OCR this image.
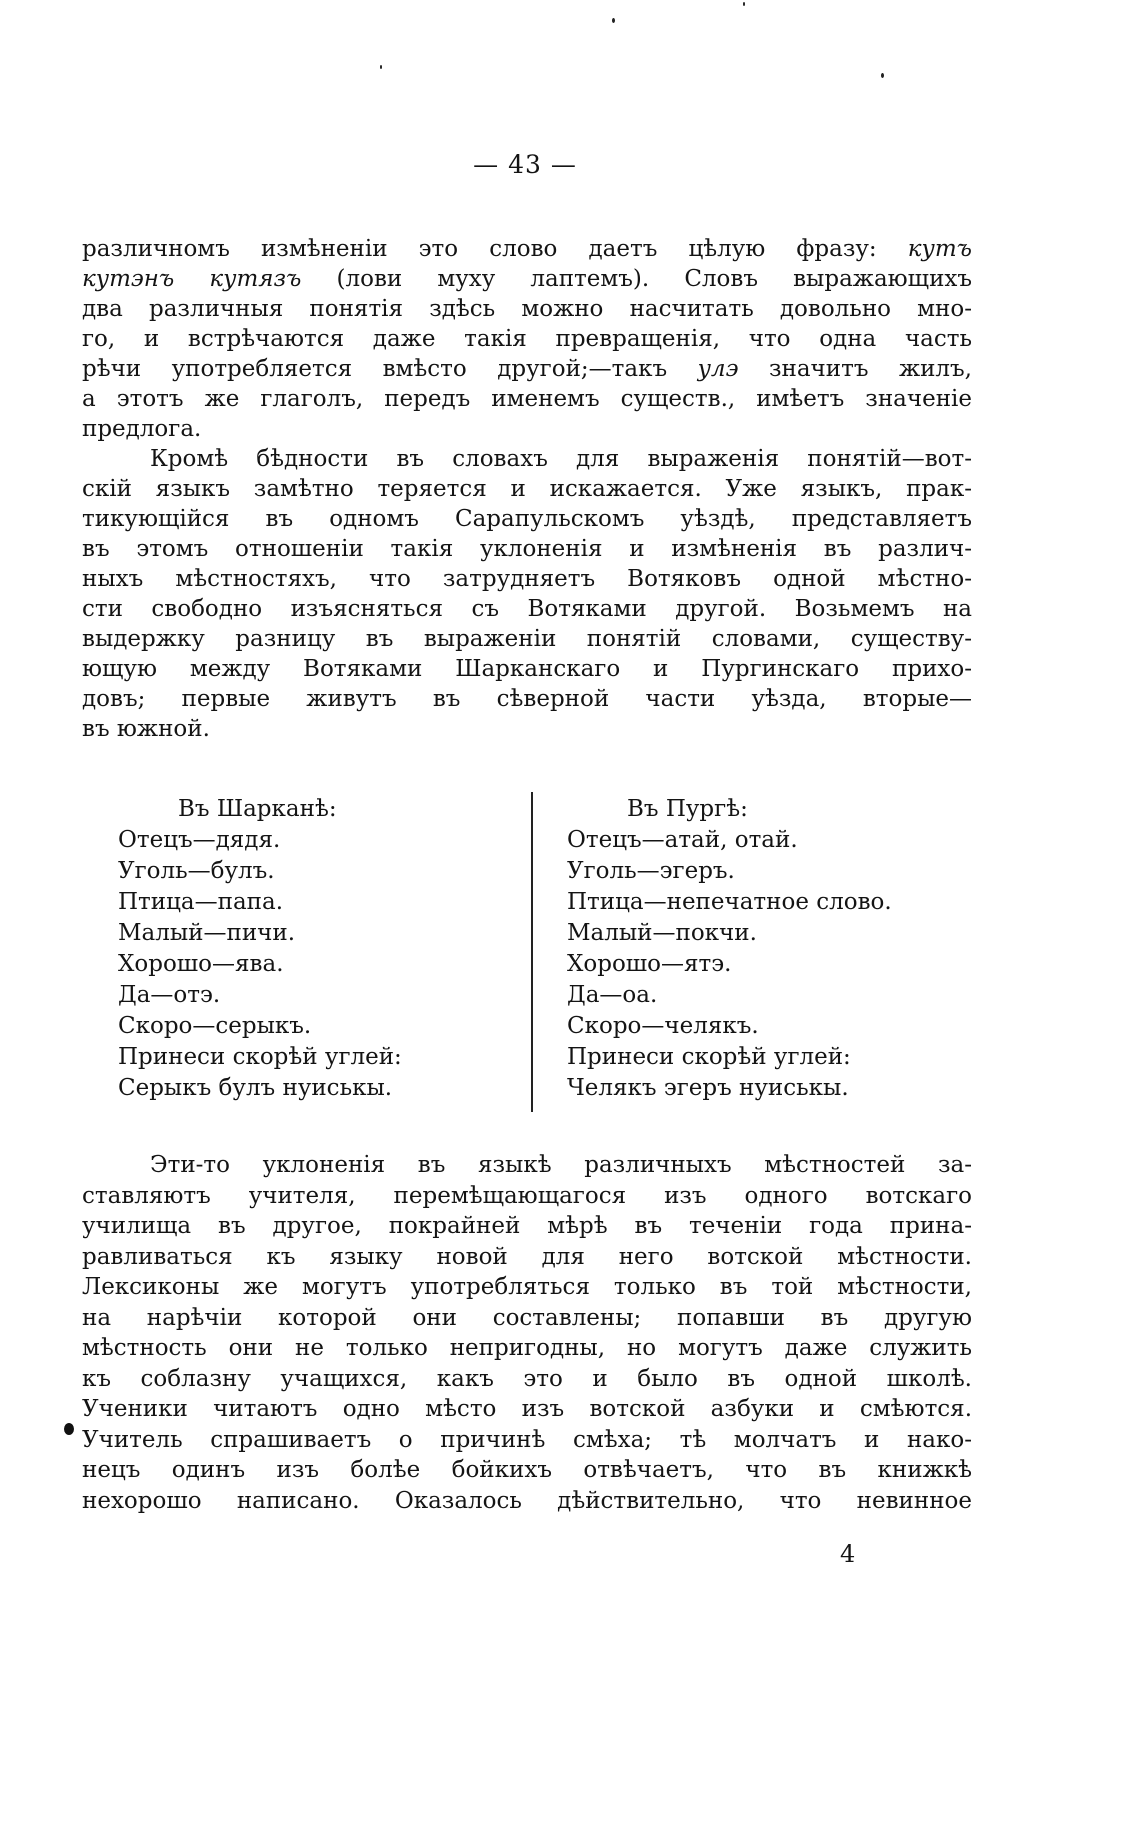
— 43 —
различномъ измѣненіи это слово даетъ цѣлую фразу: кутъ
кутэнъ кутязъ (лови муху лаптемъ). Словъ выражающихъ
два различныя понятія здѣсь можно насчитать довольно мно-
го, и встрѣчаются даже такія превращенія, что одна часть
рѣчи употребляется вмѣсто другой;—такъ улэ значитъ жилъ,
а этотъ же глаголъ, передъ именемъ существ., имѣетъ значеніе
предлога.
Кромѣ бѣдности въ словахъ для выраженія понятій—вот-
скій языкъ замѣтно теряется и искажается. Уже языкъ, прак-
тикующійся въ одномъ Сарапульскомъ уѣздѣ, представляетъ
въ этомъ отношеніи такія уклоненія и измѣненія въ различ-
ныхъ мѣстностяхъ, что затрудняетъ Вотяковъ одной мѣстно-
сти свободно изъясняться съ Вотяками другой. Возьмемъ на
выдержку разницу въ выраженіи понятій словами, существу-
ющую между Вотяками Шарканскаго и Пургинскаго прихо-
довъ; первые живутъ въ сѣверной части уѣзда, вторые—
въ южной.
Въ Шарканѣ:
Отецъ—дядя.
Уголь—булъ.
Птица—папа.
Малый—пичи.
Хорошо—ява.
Да—отэ.
Скоро—серыкъ.
Принеси скорѣй углей:
Серыкъ булъ нуиськы.
Въ Пургѣ:
Отецъ—атай, отай.
Уголь—эгеръ.
Птица—непечатное слово.
Малый—покчи.
Хорошо—ятэ.
Да—оа.
Скоро—челякъ.
Принеси скорѣй углей:
Челякъ эгеръ нуиськы.
Эти-то уклоненія въ языкѣ различныхъ мѣстностей за-
ставляютъ учителя, перемѣщающагося изъ одного вотскаго
училища въ другое, покрайней мѣрѣ въ теченіи года прина-
равливаться къ языку новой для него вотской мѣстности.
Лексиконы же могутъ употребляться только въ той мѣстности,
на нарѣчіи которой они составлены; попавши въ другую
мѣстность они не только непригодны, но могутъ даже служить
къ соблазну учащихся, какъ это и было въ одной школѣ.
Ученики читаютъ одно мѣсто изъ вотской азбуки и смѣются.
Учитель спрашиваетъ о причинѣ смѣха; тѣ молчатъ и нако-
нецъ одинъ изъ болѣе бойкихъ отвѣчаетъ, что въ книжкѣ
нехорошо написано. Оказалось дѣйствительно, что невинное
4
